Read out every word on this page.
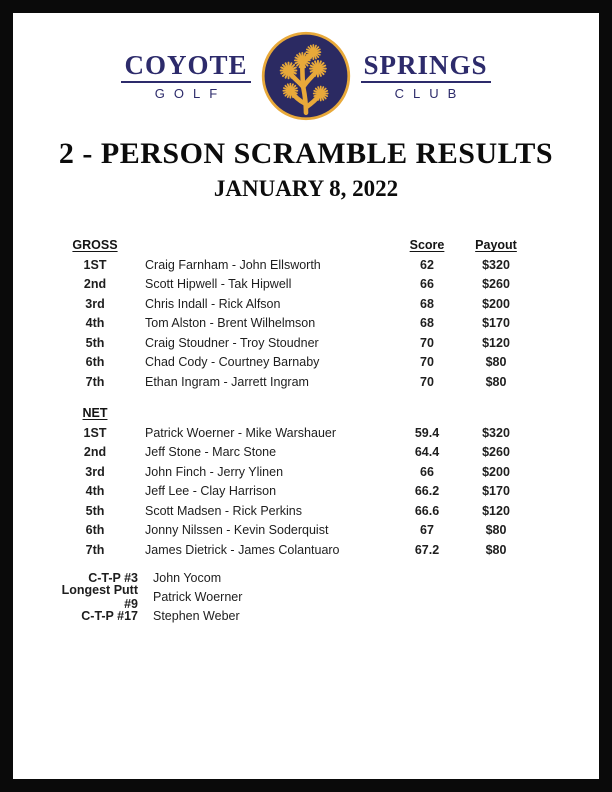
COYOTE
GOLF
SPRINGS
CLUB
2 - PERSON SCRAMBLE RESULTS
JANUARY 8, 2022
GROSS	Score	Payout
1ST	Craig Farnham - John Ellsworth	62	$320
2nd	Scott Hipwell - Tak Hipwell	66	$260
3rd	Chris Indall - Rick Alfson	68	$200
4th	Tom Alston - Brent Wilhelmson	68	$170
5th	Craig Stoudner - Troy Stoudner	70	$120
6th	Chad Cody - Courtney Barnaby	70	$80
7th	Ethan Ingram - Jarrett Ingram	70	$80
NET
1ST	Patrick Woerner - Mike Warshauer	59.4	$320
2nd	Jeff Stone - Marc Stone	64.4	$260
3rd	John Finch - Jerry Ylinen	66	$200
4th	Jeff Lee - Clay Harrison	66.2	$170
5th	Scott Madsen - Rick Perkins	66.6	$120
6th	Jonny Nilssen - Kevin Soderquist	67	$80
7th	James Dietrick - James Colantuaro	67.2	$80
C-T-P #3	John Yocom
Longest Putt #9	Patrick Woerner
C-T-P #17	Stephen Weber
